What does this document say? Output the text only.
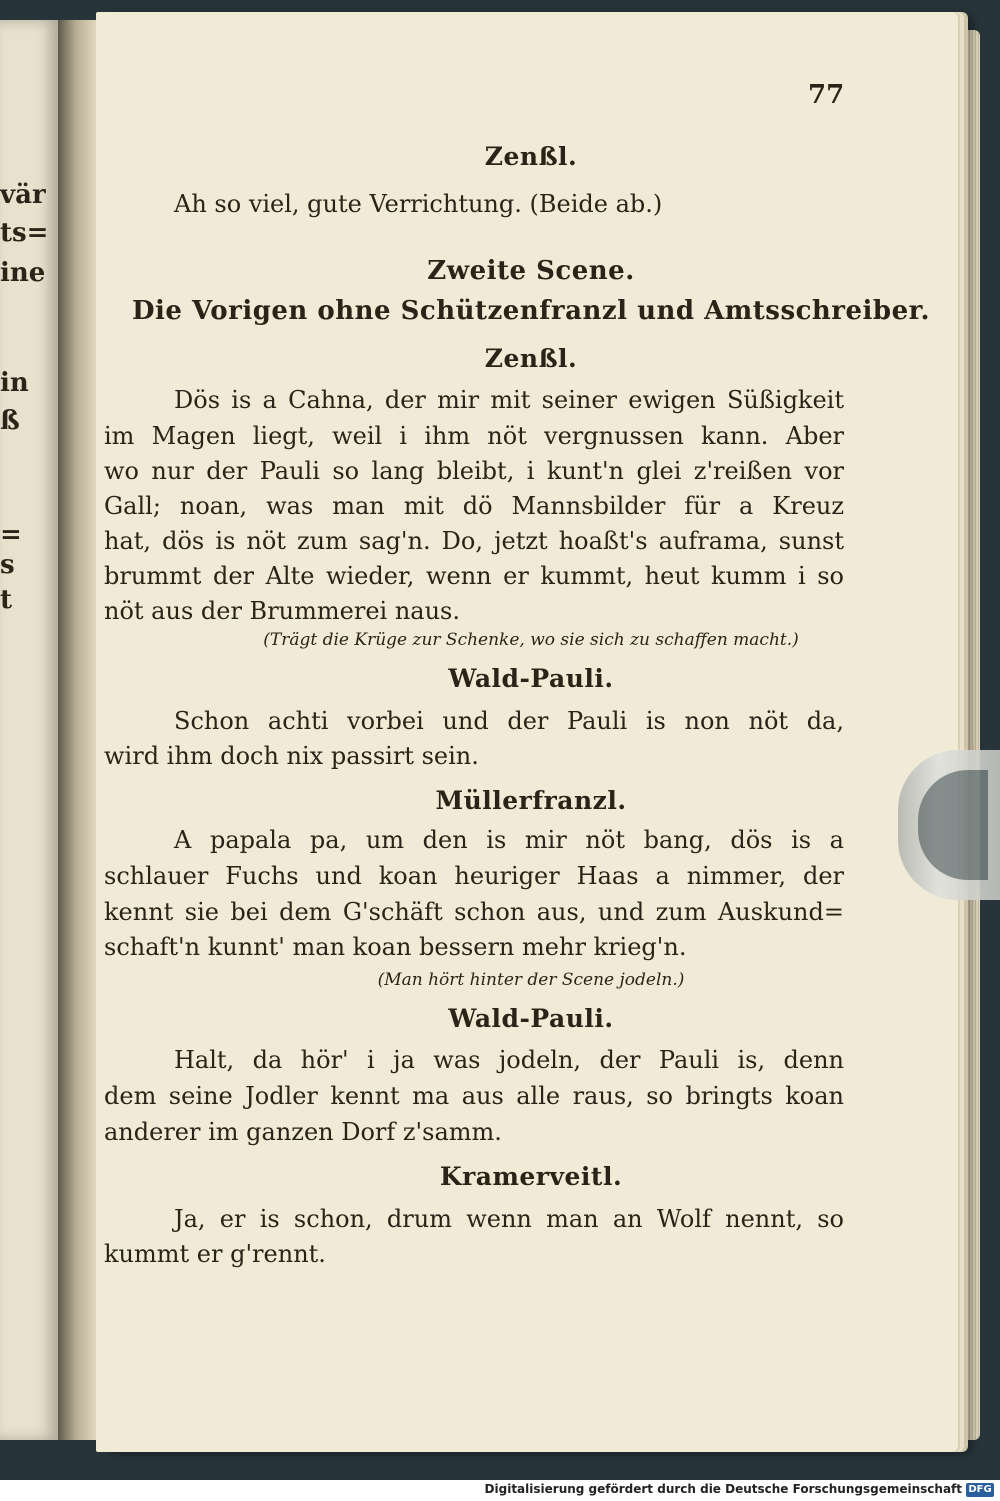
vär
ts=
ine
in
ß
=
s
t
77
Zenßl.
Ah so viel, gute Verrichtung. (Beide ab.)
Zweite Scene.
Die Vorigen ohne Schützenfranzl und Amtsschreiber.
Zenßl.
Dös is a Cahna, der mir mit seiner ewigen Süßigkeit
im Magen liegt, weil i ihm nöt vergnussen kann. Aber
wo nur der Pauli so lang bleibt, i kunt'n glei z'reißen vor
Gall; noan, was man mit dö Mannsbilder für a Kreuz
hat, dös is nöt zum sag'n. Do, jetzt hoaßt's auframa, sunst
brummt der Alte wieder, wenn er kummt, heut kumm i so
nöt aus der Brummerei naus.
(Trägt die Krüge zur Schenke, wo sie sich zu schaffen macht.)
Wald-Pauli.
Schon achti vorbei und der Pauli is non nöt da,
wird ihm doch nix passirt sein.
Müllerfranzl.
A papala pa, um den is mir nöt bang, dös is a
schlauer Fuchs und koan heuriger Haas a nimmer, der
kennt sie bei dem G'schäft schon aus, und zum Auskund=
schaft'n kunnt' man koan bessern mehr krieg'n.
(Man hört hinter der Scene jodeln.)
Wald-Pauli.
Halt, da hör' i ja was jodeln, der Pauli is, denn
dem seine Jodler kennt ma aus alle raus, so bringts koan
anderer im ganzen Dorf z'samm.
Kramerveitl.
Ja, er is schon, drum wenn man an Wolf nennt, so
kummt er g'rennt.
Digitalisierung gefördert durch die Deutsche Forschungsgemeinschaft DFG
